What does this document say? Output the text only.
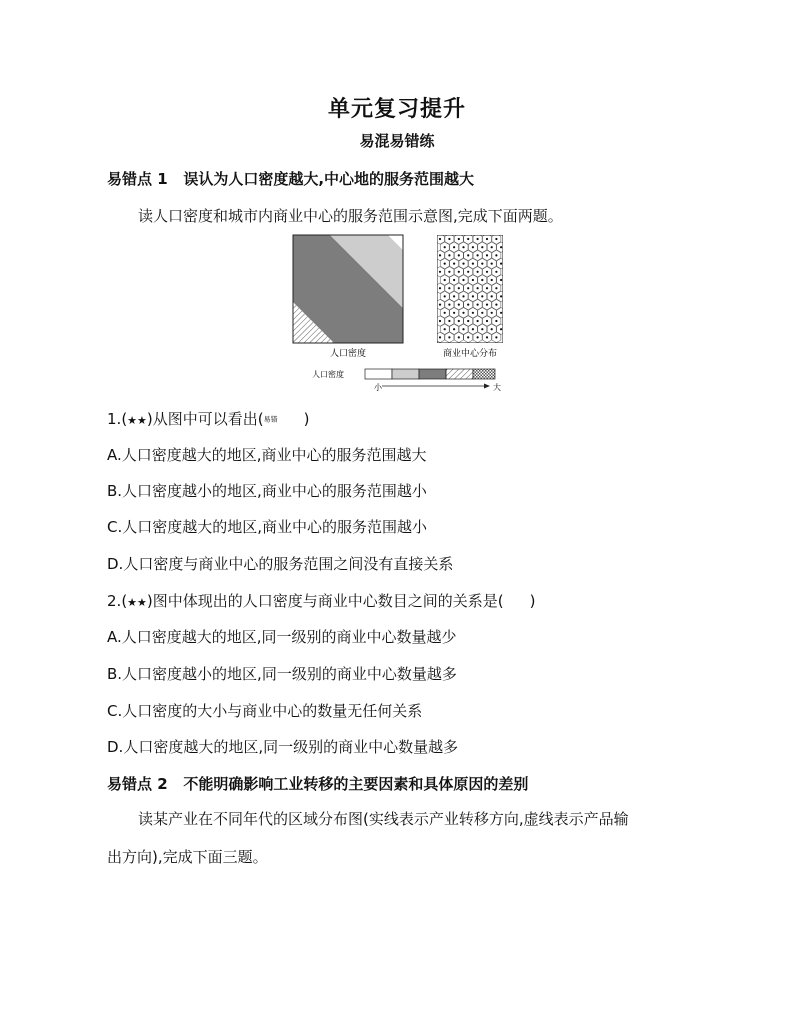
单元复习提升
易混易错练
易错点 1 误认为人口密度越大,中心地的服务范围越大
读人口密度和城市内商业中心的服务范围示意图,完成下面两题。
人口密度	商业中心分布
人口密度
小	大
1.(★★)从图中可以看出(易错 )
A.人口密度越大的地区,商业中心的服务范围越大
B.人口密度越小的地区,商业中心的服务范围越小
C.人口密度越大的地区,商业中心的服务范围越小
D.人口密度与商业中心的服务范围之间没有直接关系
2.(★★)图中体现出的人口密度与商业中心数目之间的关系是( )
A.人口密度越大的地区,同一级别的商业中心数量越少
B.人口密度越小的地区,同一级别的商业中心数量越多
C.人口密度的大小与商业中心的数量无任何关系
D.人口密度越大的地区,同一级别的商业中心数量越多
易错点 2 不能明确影响工业转移的主要因素和具体原因的差别
读某产业在不同年代的区域分布图(实线表示产业转移方向,虚线表示产品输
出方向),完成下面三题。
